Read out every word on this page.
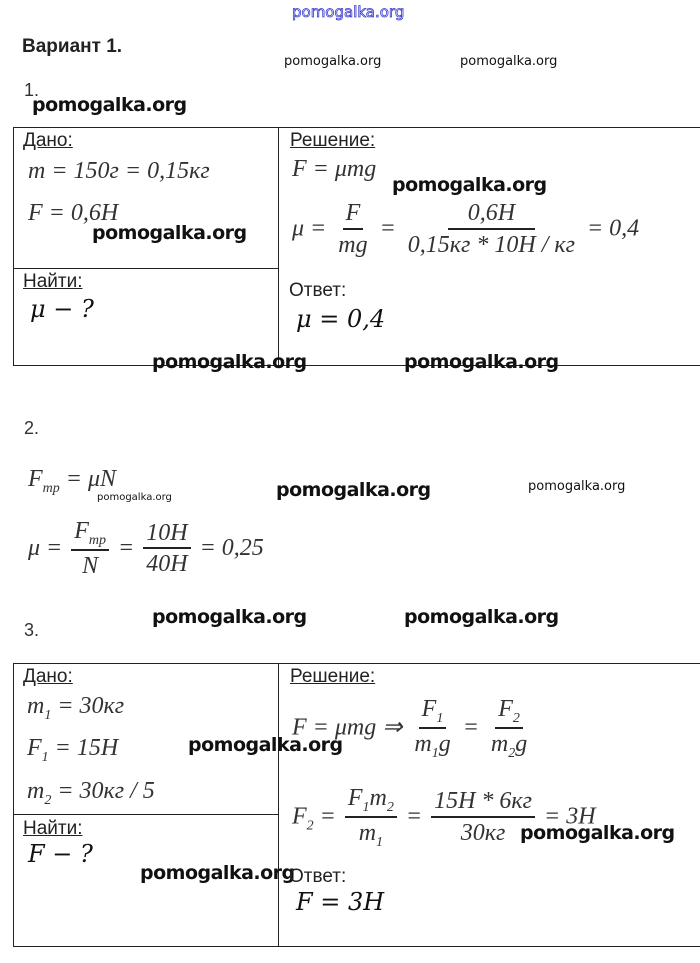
pomogalka.org
Вариант 1.
pomogalka.org	pomogalka.org
1.
pomogalka.org
Дано:
m = 150г = 0,15кг
F = 0,6Н
pomogalka.org
Найти:
μ − ?
Решение:
F = μmg
pomogalka.org
$\mu = \frac{F}{mg} = \frac{0,6Н}{0,15кг * 10Н / кг} = 0,4$
Ответ:
μ = 0,4
pomogalka.org	pomogalka.org
2.
$F_{тр} = \mu N$
pomogalka.org	pomogalka.org	pomogalka.org
$\mu = \frac{F_{тр}}{N} = \frac{10Н}{40Н} = 0,25$
3.
pomogalka.org	pomogalka.org
Дано:
$m_1 = 30кг$
$F_1 = 15Н$
$m_2 = 30кг / 5$
pomogalka.org
Найти:
F − ?
pomogalka.org
Решение:
F = μmg ⇒ $\frac{F_1}{m_1g} = \frac{F_2}{m_2g}$
$F_2 = \frac{F_1m_2}{m_1} = \frac{15Н * 6кг}{30кг} = 3Н$
pomogalka.org
Ответ:
F = 3Н
